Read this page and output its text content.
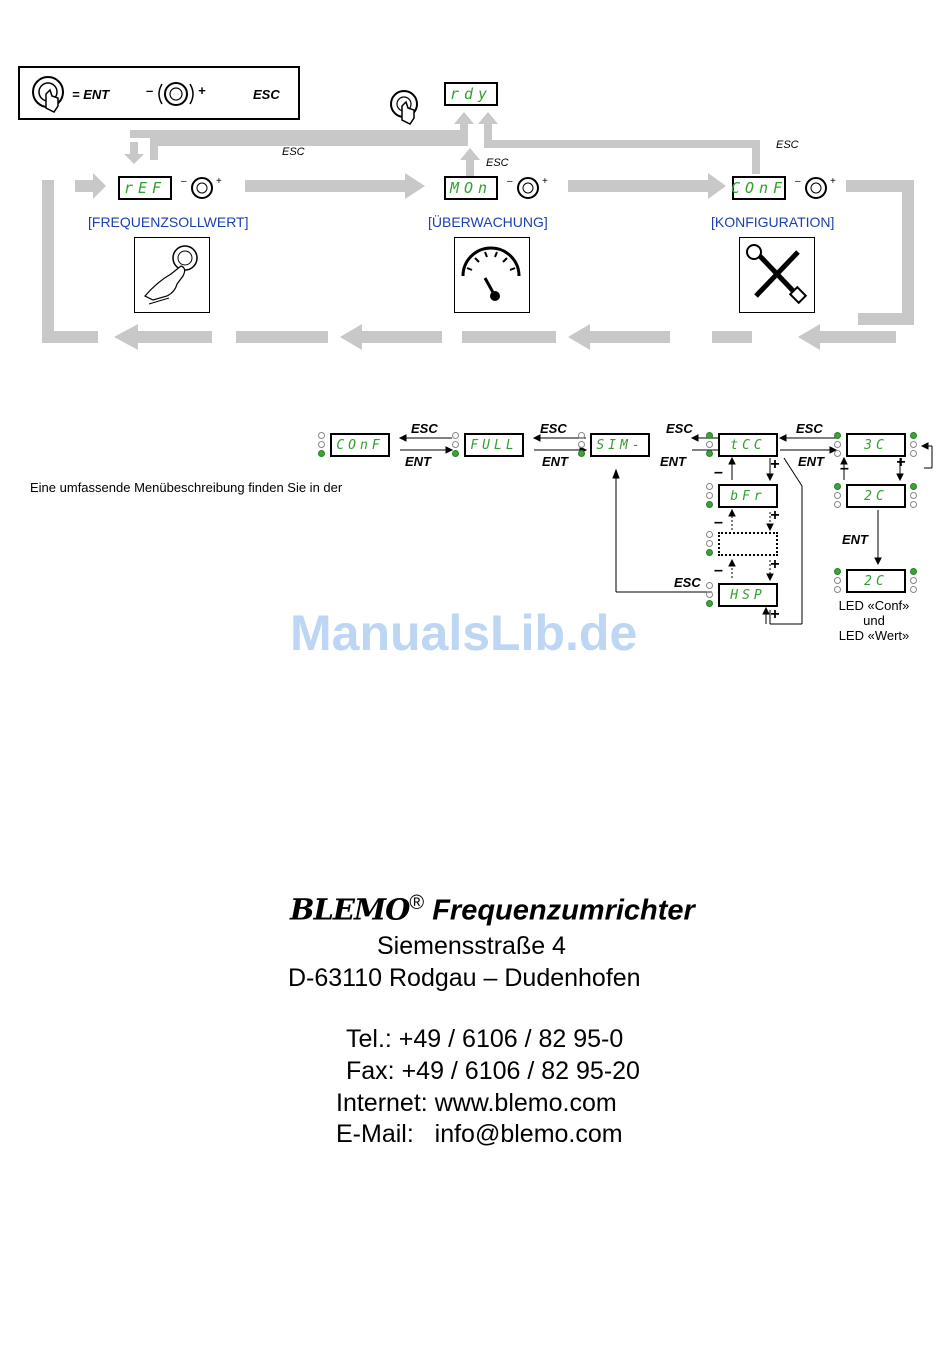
= ENT	–	+	ESC	rdy
ESC
ESC
ESC
rEF	–	+	MOn	–	+	COnF –	+
[FREQUENZSOLLWERT]	[ÜBERWACHUNG]	[KONFIGURATION]
COnF	FULL	SIM-	tCC
bFr
HSP
3C
2C
2C
ESC
ENT
ESC
ENT
ESC
ENT
ESC
ENT
ESC
ENT
–	+
–	+
–	+
+
–	+
LED «Conf»
und
LED «Wert»
Eine umfassende Menübeschreibung finden Sie in der
ManualsLib.de
BLEMO® Frequenzumrichter
Siemensstraße 4
D-63110 Rodgau – Dudenhofen
Tel.: +49 / 6106 / 82 95-0
Fax: +49 / 6106 / 82 95-20
Internet: www.blemo.com
E-Mail: info@blemo.com
